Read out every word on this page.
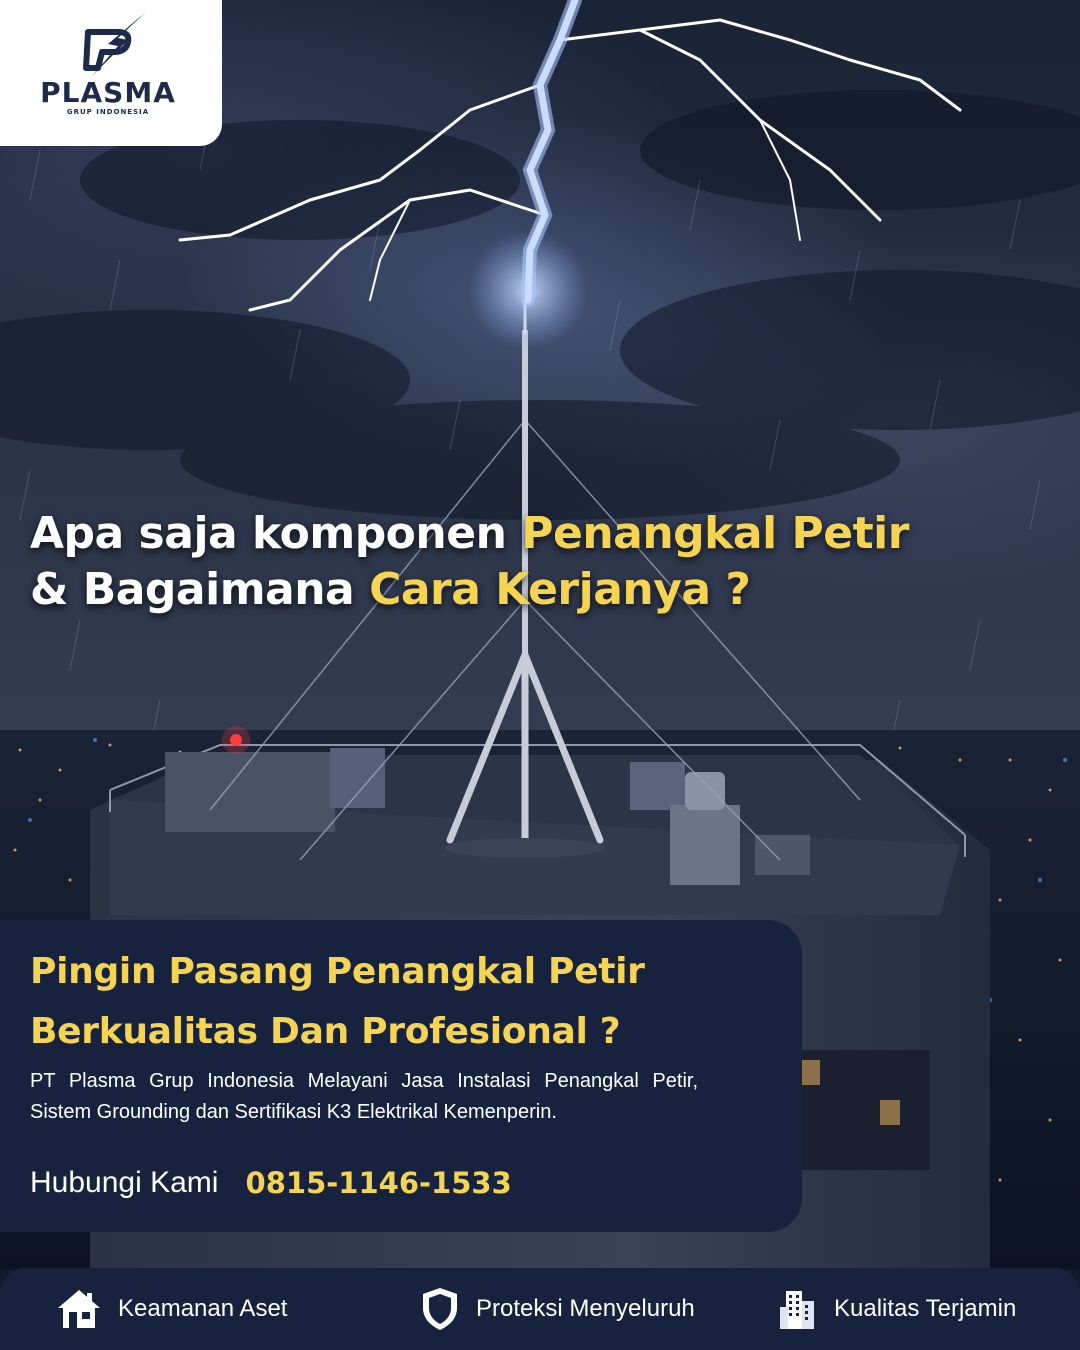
PLASMA
GRUP INDONESIA
Apa saja komponen Penangkal Petir
& Bagaimana Cara Kerjanya ?
Pingin Pasang Penangkal Petir
Berkualitas Dan Profesional ?
PT Plasma Grup Indonesia Melayani Jasa Instalasi Penangkal Petir, Sistem Grounding dan Sertifikasi K3 Elektrikal Kemenperin.
Hubungi Kami 0815-1146-1533
Keamanan Aset	Proteksi Menyeluruh	Kualitas Terjamin
